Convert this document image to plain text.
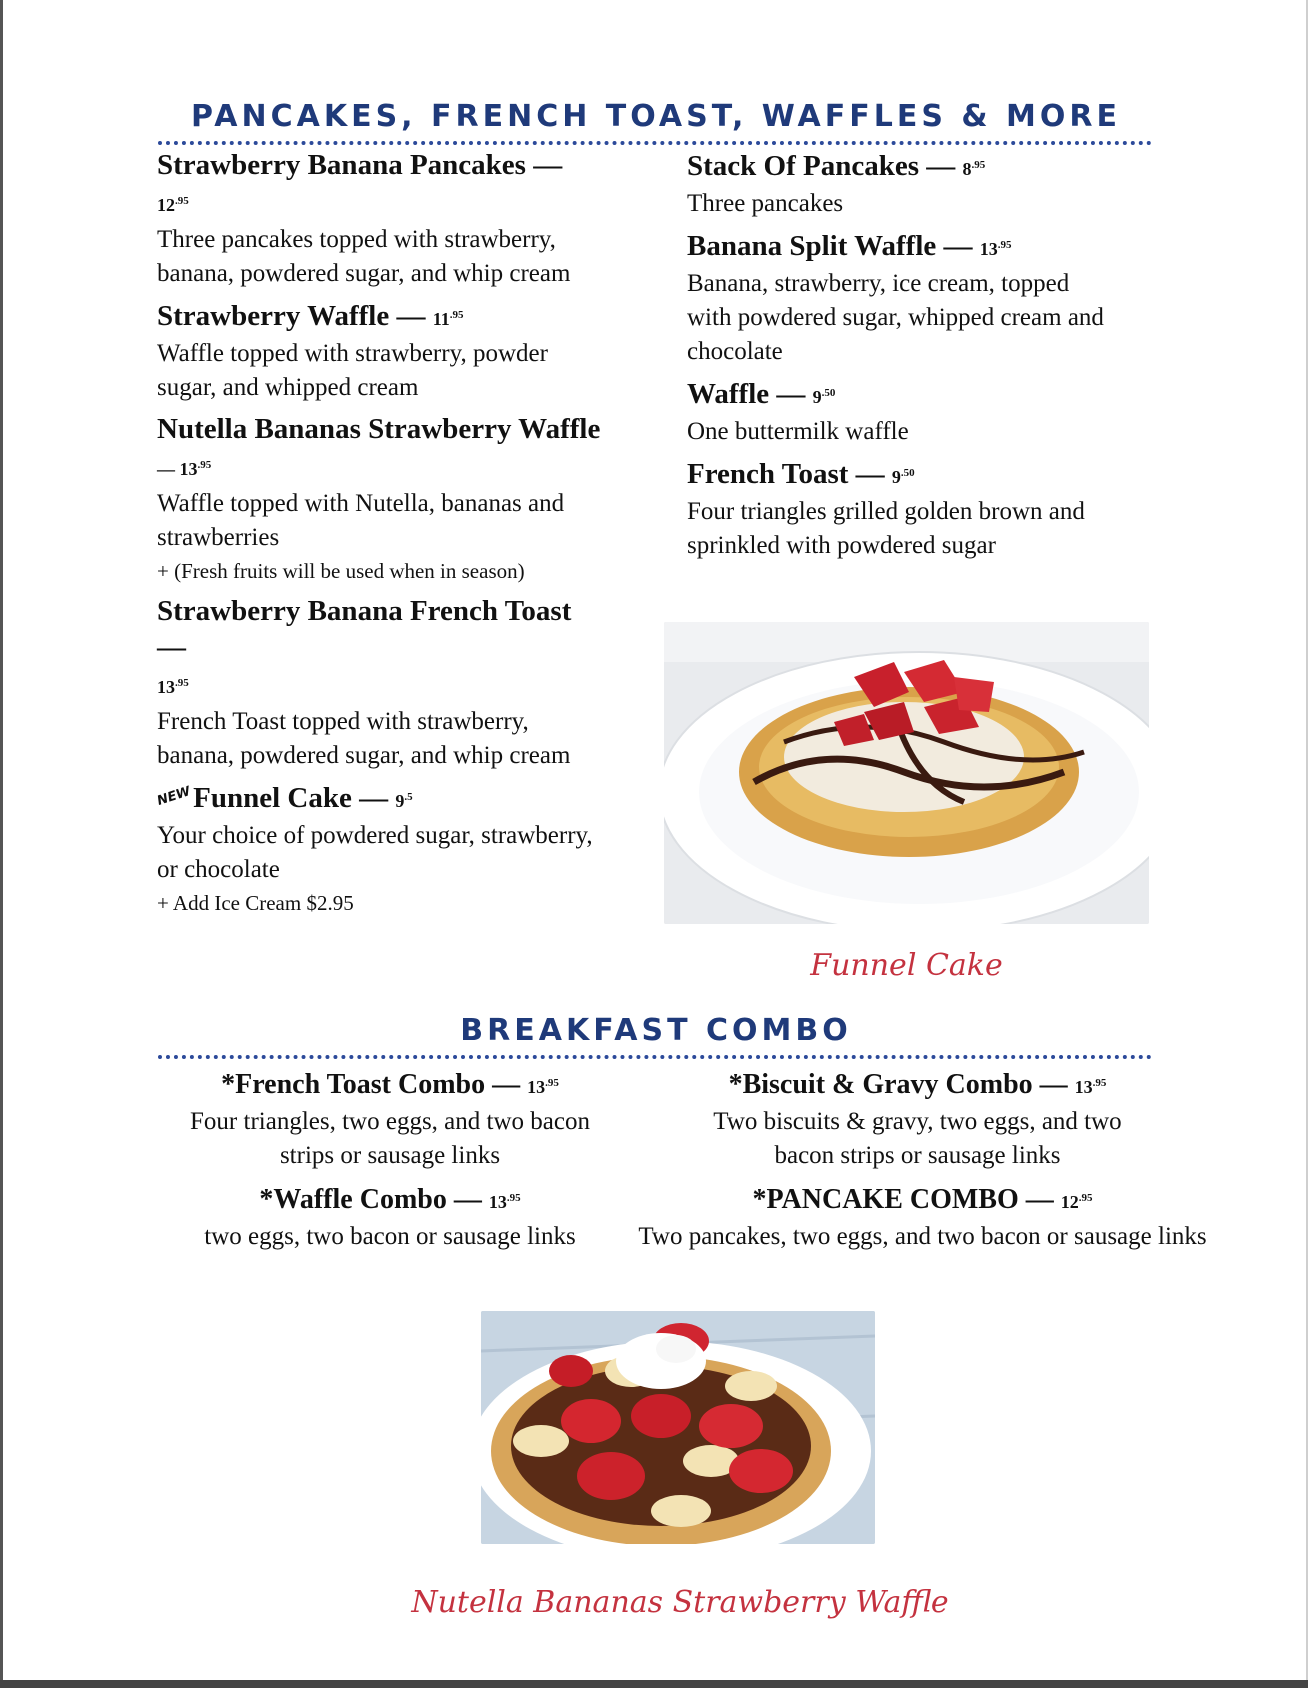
PANCAKES, FRENCH TOAST, WAFFLES & MORE

Strawberry Banana Pancakes —

$12^{.95}$

Three pancakes topped with strawberry, banana, powdered sugar, and whip cream

Strawberry Waffle — $11^{.95}$

Waffle topped with strawberry, powder sugar, and whipped cream

Nutella Bananas Strawberry Waffle

— $13^{.95}$

Waffle topped with Nutella, bananas and strawberries

+ (Fresh fruits will be used when in season)

Strawberry Banana French Toast —

$13^{.95}$

French Toast topped with strawberry, banana, powdered sugar, and whip cream

NEWFunnel Cake — $9^{.5}$

Your choice of powdered sugar, strawberry, or chocolate

+ Add Ice Cream $2.95

Stack Of Pancakes — $8^{.95}$

Three pancakes

Banana Split Waffle — $13^{.95}$

Banana, strawberry, ice cream, topped with powdered sugar, whipped cream and chocolate

Waffle — $9^{.50}$

One buttermilk waffle

French Toast — $9^{.50}$

Four triangles grilled golden brown and sprinkled with powdered sugar

Funnel Cake
BREAKFAST COMBO

*French Toast Combo — $13^{.95}$

Four triangles, two eggs, and two bacon strips or sausage links

*Biscuit & Gravy Combo — $13^{.95}$

Two biscuits & gravy, two eggs, and two bacon strips or sausage links

*Waffle Combo — $13^{.95}$

two eggs, two bacon or sausage links

*PANCAKE COMBO — $12^{.95}$

Two pancakes, two eggs, and two bacon or sausage links

Nutella Bananas Strawberry Waffle
